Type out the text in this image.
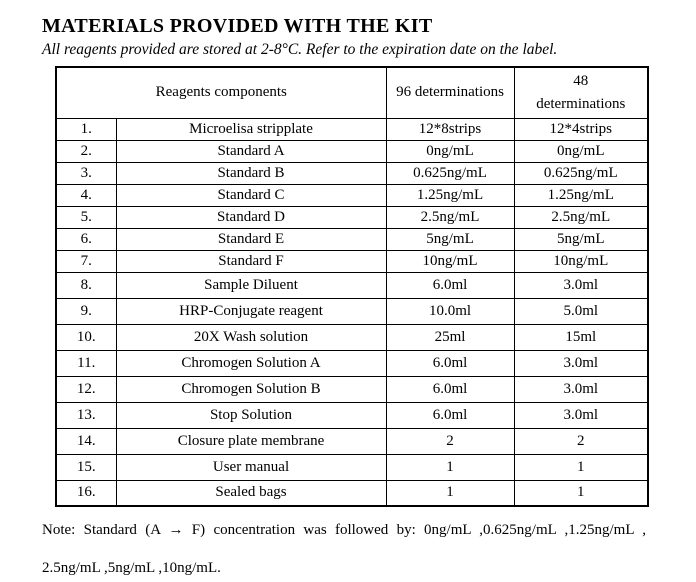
MATERIALS PROVIDED WITH THE KIT

All reagents provided are stored at 2-8°C. Refer to the expiration date on the label.

Reagents components		96 determinations	48
determinations

1.	Microelisa stripplate	12*8strips	12*4strips
2.	Standard A	0ng/mL	0ng/mL
3.	Standard B	0.625ng/mL	0.625ng/mL
4.	Standard C	1.25ng/mL	1.25ng/mL
5.	Standard D	2.5ng/mL	2.5ng/mL
6.	Standard E	5ng/mL	5ng/mL
7.	Standard F	10ng/mL	10ng/mL
8.	Sample Diluent	6.0ml	3.0ml
9.	HRP-Conjugate reagent	10.0ml	5.0ml
10.	20X Wash solution	25ml	15ml
11.	Chromogen Solution A	6.0ml	3.0ml
12.	Chromogen Solution B	6.0ml	3.0ml
13.	Stop Solution	6.0ml	3.0ml
14.	Closure plate membrane	2	2
15.	User manual	1	1
16.	Sealed bags	1	1
Note: Standard (A → F) concentration was followed by: 0ng/mL ,0.625ng/mL ,1.25ng/mL ,
2.5ng/mL ,5ng/mL ,10ng/mL.
